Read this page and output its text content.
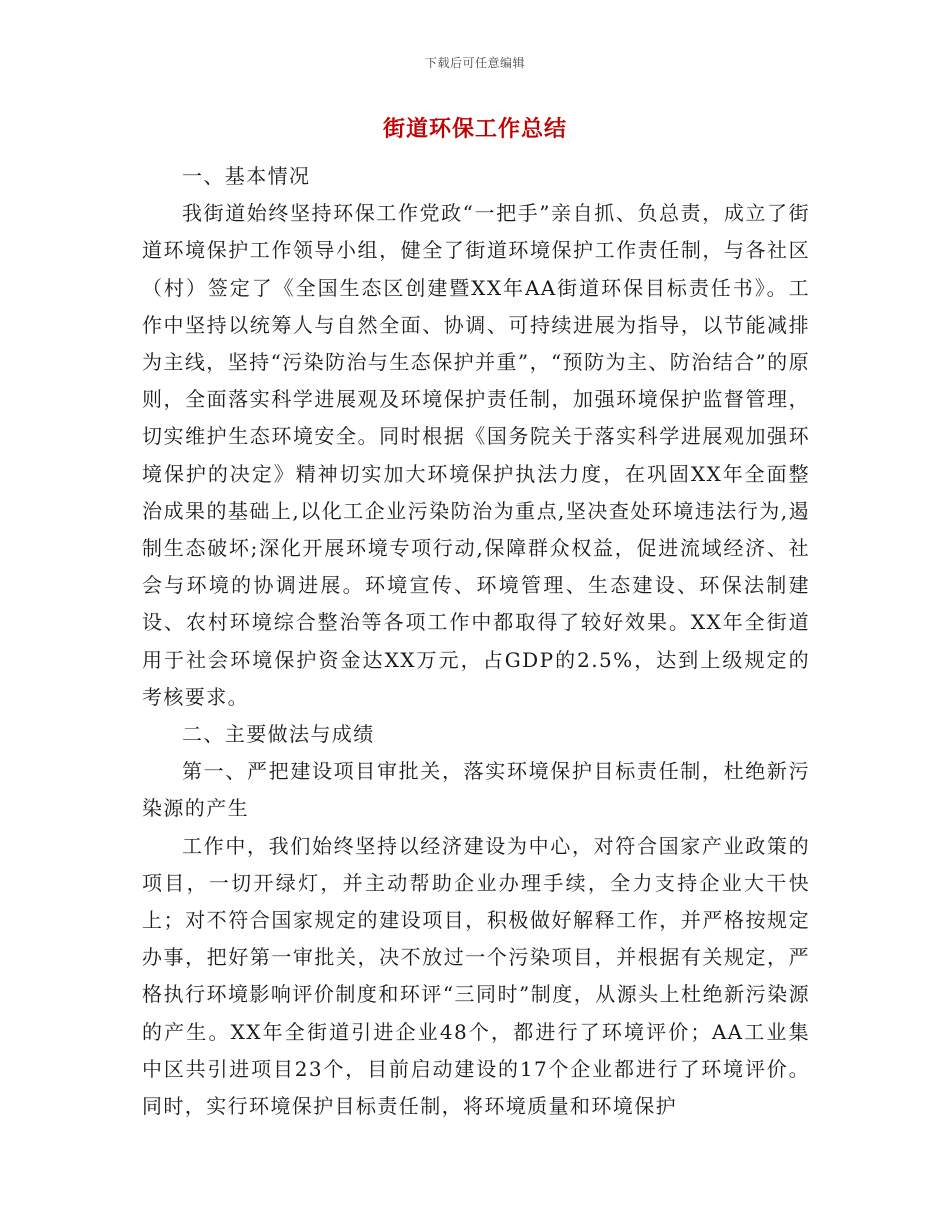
下载后可任意编辑
街道环保工作总结

一、基本情况

我街道始终坚持环保工作党政“一把手”亲自抓、负总责，成立了街道环境保护工作领导小组，健全了街道环境保护工作责任制，与各社区（村）签定了《全国生态区创建暨XX年AA街道环保目标责任书》。工作中坚持以统筹人与自然全面、协调、可持续进展为指导，以节能减排为主线，坚持“污染防治与生态保护并重”，“预防为主、防治结合”的原则，全面落实科学进展观及环境保护责任制，加强环境保护监督管理，切实维护生态环境安全。同时根据《国务院关于落实科学进展观加强环境保护的决定》精神切实加大环境保护执法力度，在巩固XX年全面整治成果的基础上,以化工企业污染防治为重点,坚决查处环境违法行为,遏制生态破坏;深化开展环境专项行动,保障群众权益，促进流域经济、社会与环境的协调进展。环境宣传、环境管理、生态建设、环保法制建设、农村环境综合整治等各项工作中都取得了较好效果。XX年全街道用于社会环境保护资金达XX万元，占GDP的2.5%，达到上级规定的考核要求。

二、主要做法与成绩

第一、严把建设项目审批关，落实环境保护目标责任制，杜绝新污染源的产生

工作中，我们始终坚持以经济建设为中心，对符合国家产业政策的项目，一切开绿灯，并主动帮助企业办理手续，全力支持企业大干快上；对不符合国家规定的建设项目，积极做好解释工作，并严格按规定办事，把好第一审批关，决不放过一个污染项目，并根据有关规定，严格执行环境影响评价制度和环评“三同时”制度，从源头上杜绝新污染源的产生。XX年全街道引进企业48个，都进行了环境评价；AA工业集中区共引进项目23个，目前启动建设的17个企业都进行了环境评价。同时，实行环境保护目标责任制，将环境质量和环境保护
